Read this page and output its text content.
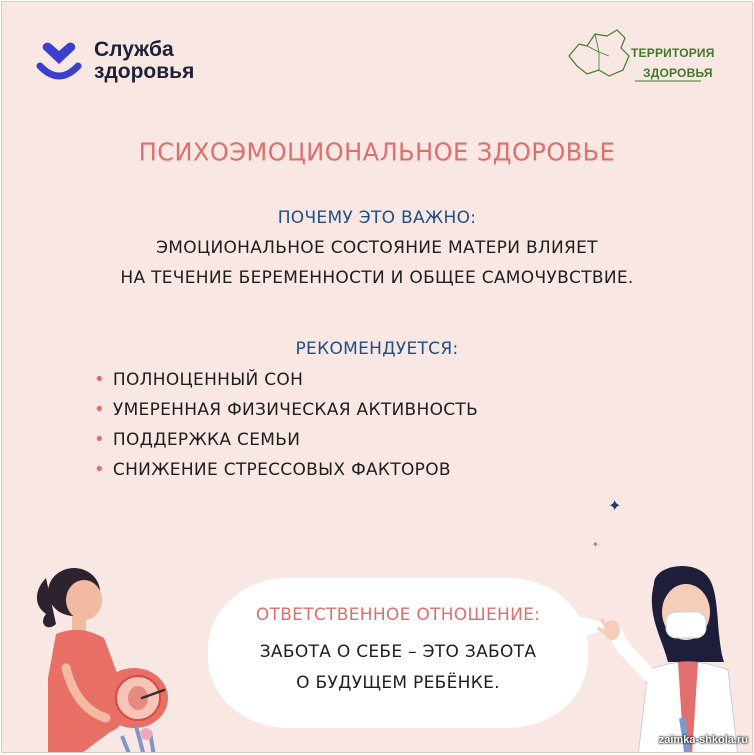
Служба
здоровья
ТЕРРИТОРИЯ
ЗДОРОВЬЯ
ПСИХОЭМОЦИОНАЛЬНОЕ ЗДОРОВЬЕ
ПОЧЕМУ ЭТО ВАЖНО:
ЭМОЦИОНАЛЬНОЕ СОСТОЯНИЕ МАТЕРИ ВЛИЯЕТ
НА ТЕЧЕНИЕ БЕРЕМЕННОСТИ И ОБЩЕЕ САМОЧУВСТВИЕ.
РЕКОМЕНДУЕТСЯ:
• ПОЛНОЦЕННЫЙ СОН
• УМЕРЕННАЯ ФИЗИЧЕСКАЯ АКТИВНОСТЬ
• ПОДДЕРЖКА СЕМЬИ
• СНИЖЕНИЕ СТРЕССОВЫХ ФАКТОРОВ
✦
✦
ОТВЕТСТВЕННОЕ ОТНОШЕНИЕ:
ЗАБОТА О СЕБЕ – ЭТО ЗАБОТА
О БУДУЩЕМ РЕБЁНКЕ.
zaimka-shkola.ru
